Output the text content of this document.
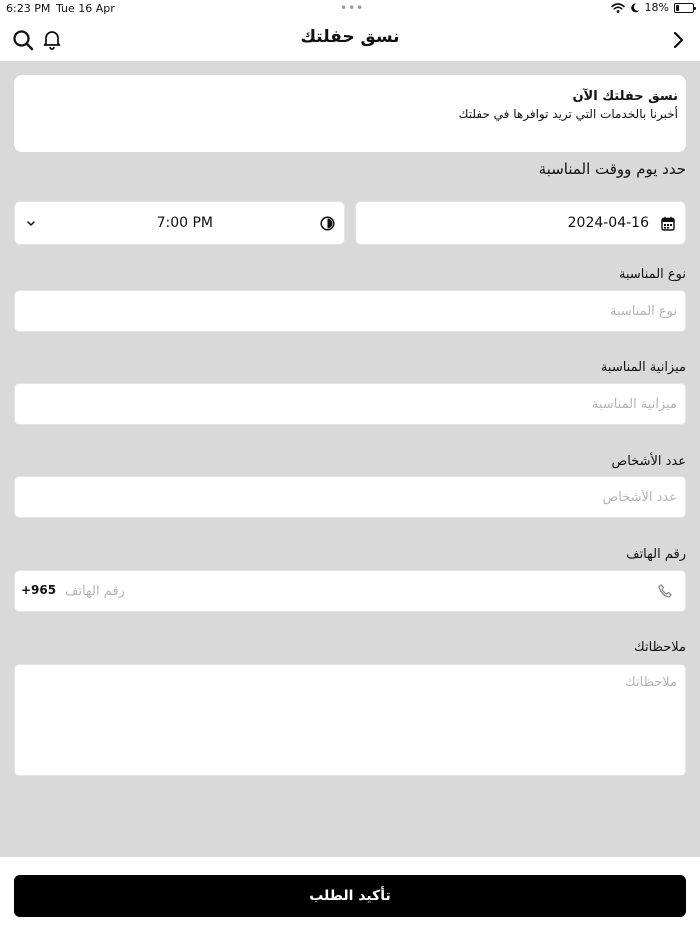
6:23 PM Tue 16 Apr	•••	18%
نسق حفلتك
نسق حفلتك الآن
أخبرنا بالخدمات التي تريد توافرها في حفلتك
حدد يوم ووقت المناسبة
7:00 PM	2024-04-16
نوع المناسبة
نوع المناسبة
ميزانية المناسبة
ميزانية المناسبة
عدد الأشخاص
عدد الأشخاص
رقم الهاتف
+965
رقم الهاتف
ملاحظاتك
ملاحظاتك
تأكيد الطلب
